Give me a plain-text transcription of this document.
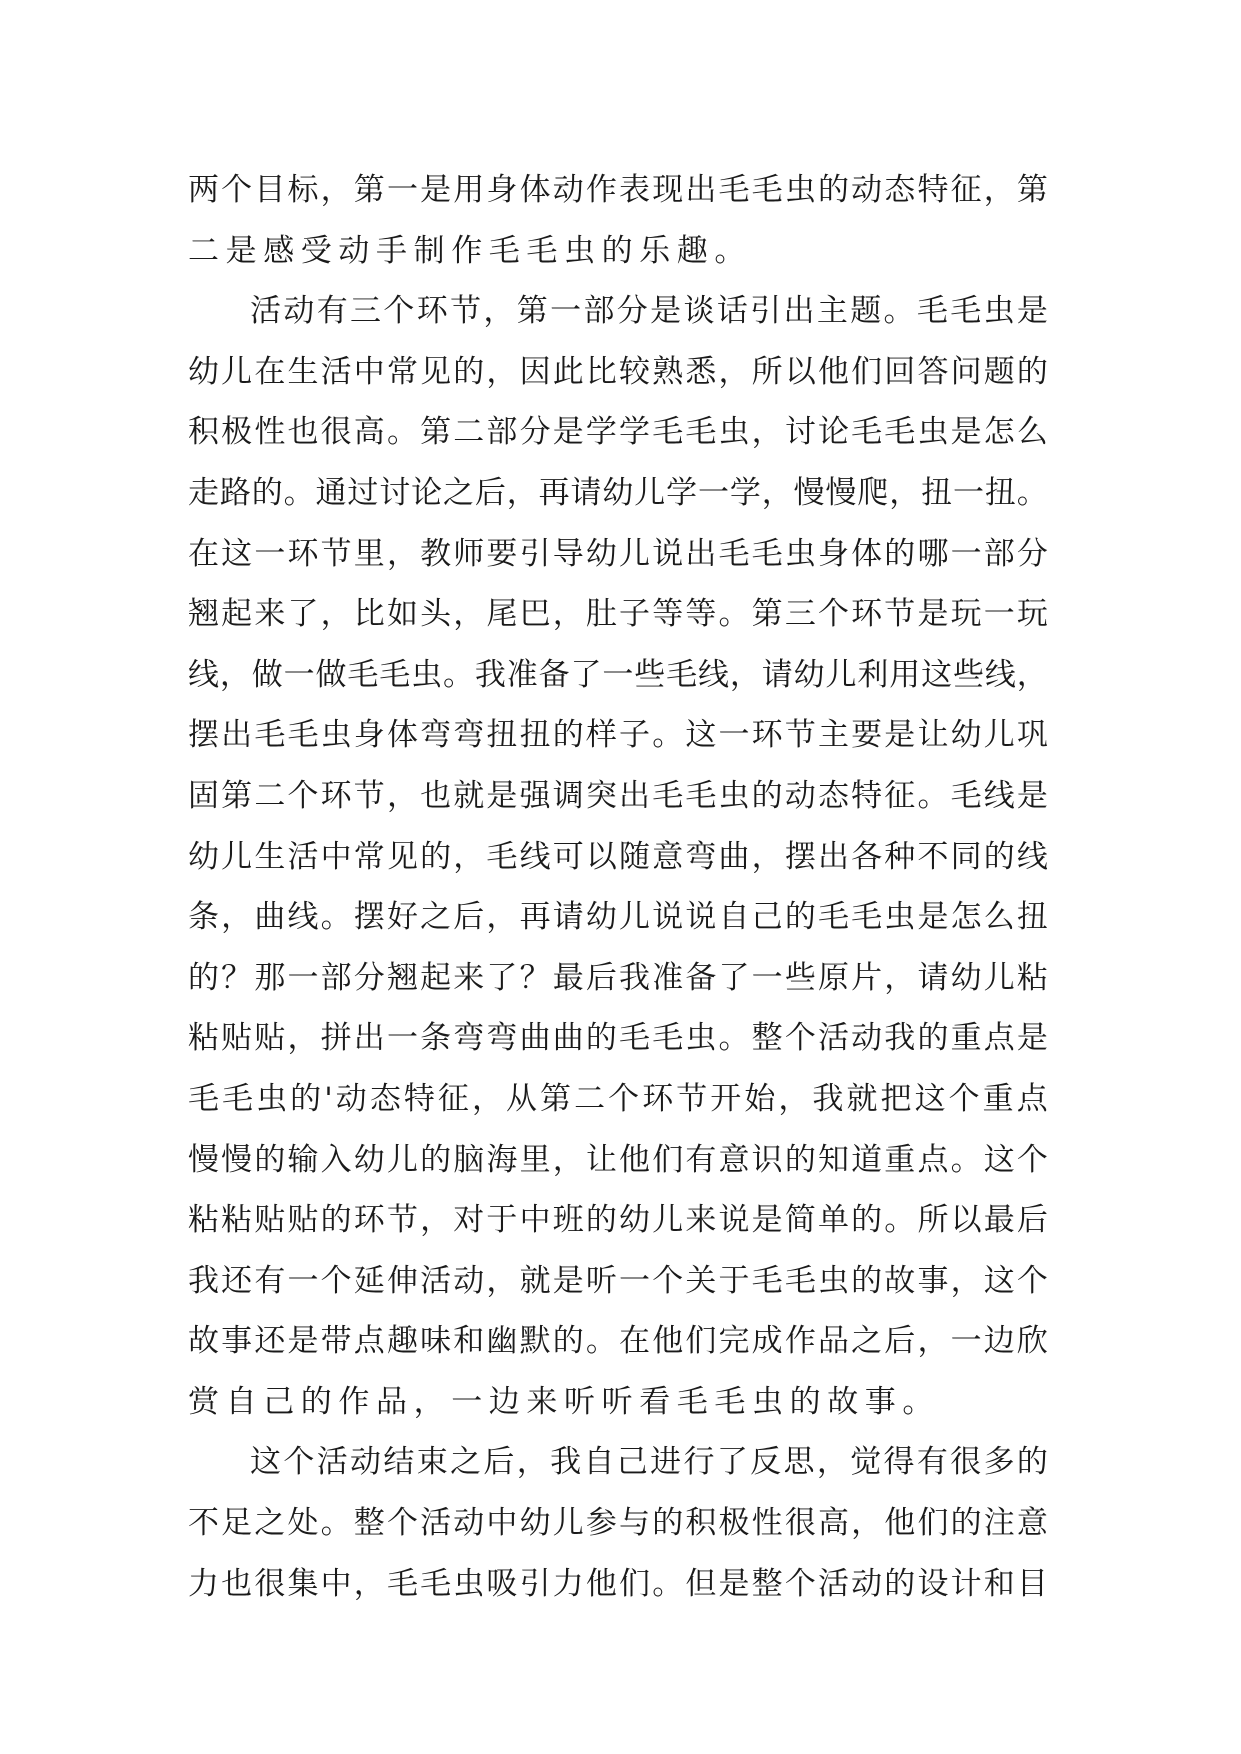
两 个 目 标 ， 第 一 是 用 身 体 动 作 表 现 出 毛 毛 虫 的 动 态 特 征 ， 第
二是感受动手制作毛毛虫的乐趣。
活 动 有 三 个 环 节 ， 第 一 部 分 是 谈 话 引 出 主 题 。 毛 毛 虫 是
幼 儿 在 生 活 中 常 见 的 ， 因 此 比 较 熟 悉 ， 所 以 他 们 回 答 问 题 的
积 极 性 也 很 高 。 第 二 部 分 是 学 学 毛 毛 虫 ， 讨 论 毛 毛 虫 是 怎 么
走 路 的 。 通 过 讨 论 之 后 ， 再 请 幼 儿 学 一 学 ， 慢 慢 爬 ， 扭 一 扭 。
在 这 一 环 节 里 ， 教 师 要 引 导 幼 儿 说 出 毛 毛 虫 身 体 的 哪 一 部 分
翘 起 来 了 ， 比 如 头 ， 尾 巴 ， 肚 子 等 等 。 第 三 个 环 节 是 玩 一 玩
线 ， 做 一 做 毛 毛 虫 。 我 准 备 了 一 些 毛 线 ， 请 幼 儿 利 用 这 些 线 ，
摆 出 毛 毛 虫 身 体 弯 弯 扭 扭 的 样 子 。 这 一 环 节 主 要 是 让 幼 儿 巩
固 第 二 个 环 节 ， 也 就 是 强 调 突 出 毛 毛 虫 的 动 态 特 征 。 毛 线 是
幼 儿 生 活 中 常 见 的 ， 毛 线 可 以 随 意 弯 曲 ， 摆 出 各 种 不 同 的 线
条 ， 曲 线 。 摆 好 之 后 ， 再 请 幼 儿 说 说 自 己 的 毛 毛 虫 是 怎 么 扭
的 ？ 那 一 部 分 翘 起 来 了 ？ 最 后 我 准 备 了 一 些 原 片 ， 请 幼 儿 粘
粘 贴 贴 ， 拼 出 一 条 弯 弯 曲 曲 的 毛 毛 虫 。 整 个 活 动 我 的 重 点 是
毛 毛 虫 的 ' 动 态 特 征 ， 从 第 二 个 环 节 开 始 ， 我 就 把 这 个 重 点
慢 慢 的 输 入 幼 儿 的 脑 海 里 ， 让 他 们 有 意 识 的 知 道 重 点 。 这 个
粘 粘 贴 贴 的 环 节 ， 对 于 中 班 的 幼 儿 来 说 是 简 单 的 。 所 以 最 后
我 还 有 一 个 延 伸 活 动 ， 就 是 听 一 个 关 于 毛 毛 虫 的 故 事 ， 这 个
故 事 还 是 带 点 趣 味 和 幽 默 的 。 在 他 们 完 成 作 品 之 后 ， 一 边 欣
赏自己的作品，一边来听听看毛毛虫的故事。
这 个 活 动 结 束 之 后 ， 我 自 己 进 行 了 反 思 ， 觉 得 有 很 多 的
不 足 之 处 。 整 个 活 动 中 幼 儿 参 与 的 积 极 性 很 高 ， 他 们 的 注 意
力 也 很 集 中 ， 毛 毛 虫 吸 引 力 他 们 。 但 是 整 个 活 动 的 设 计 和 目
